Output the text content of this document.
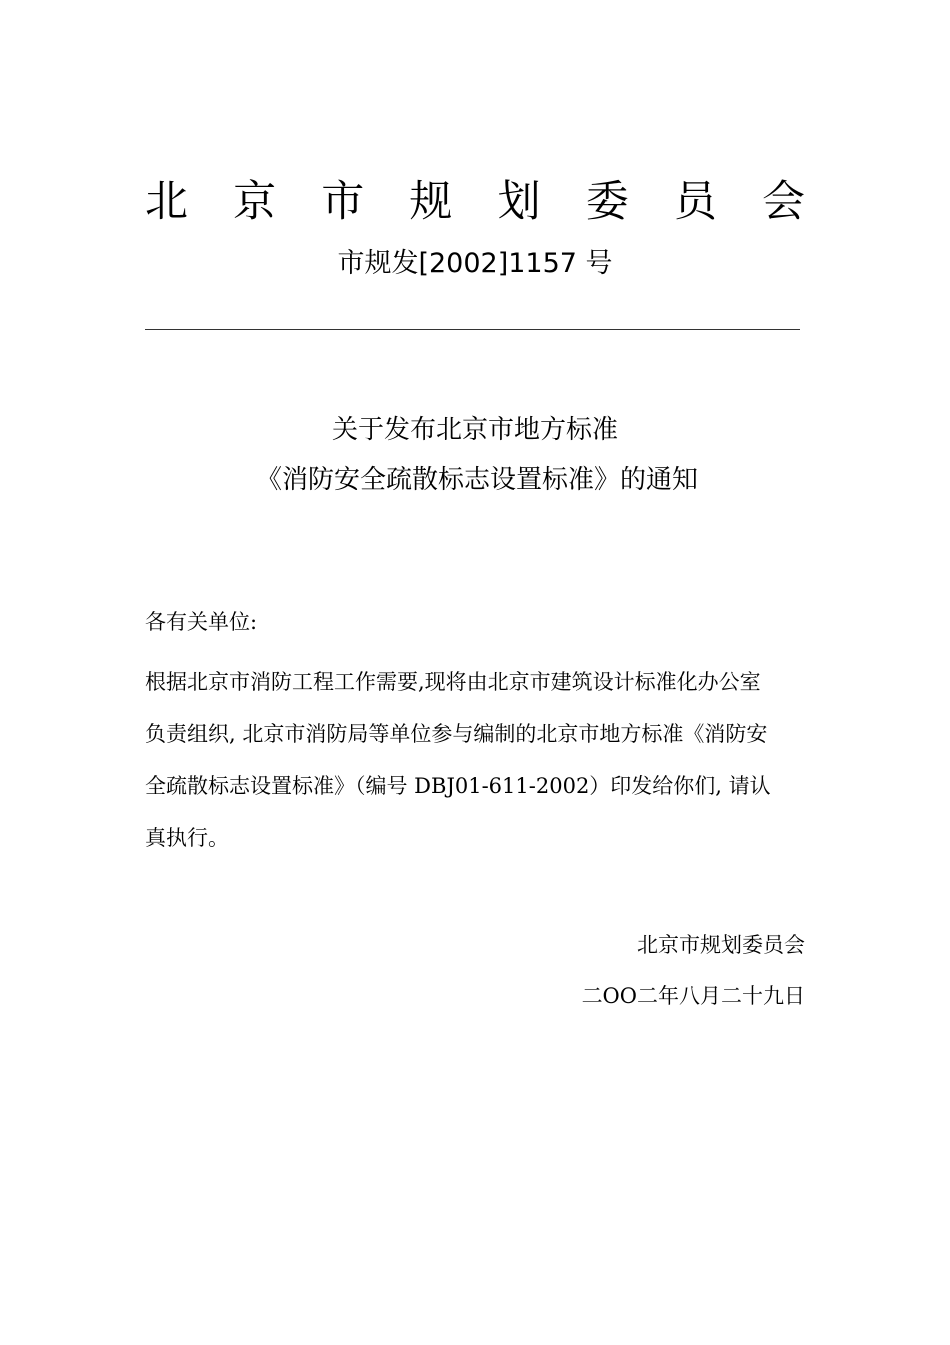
北 京 市 规 划 委 员 会
市规发[2002]1157 号
关于发布北京市地方标准
《消防安全疏散标志设置标准》的通知
各有关单位:
根据北京市消防工程工作需要,现将由北京市建筑设计标准化办公室
负责组织, 北京市消防局等单位参与编制的北京市地方标准《消防安
全疏散标志设置标准》（编号 DBJ01-611-2002）印发给你们, 请认
真执行。
北京市规划委员会
二OO二年八月二十九日
